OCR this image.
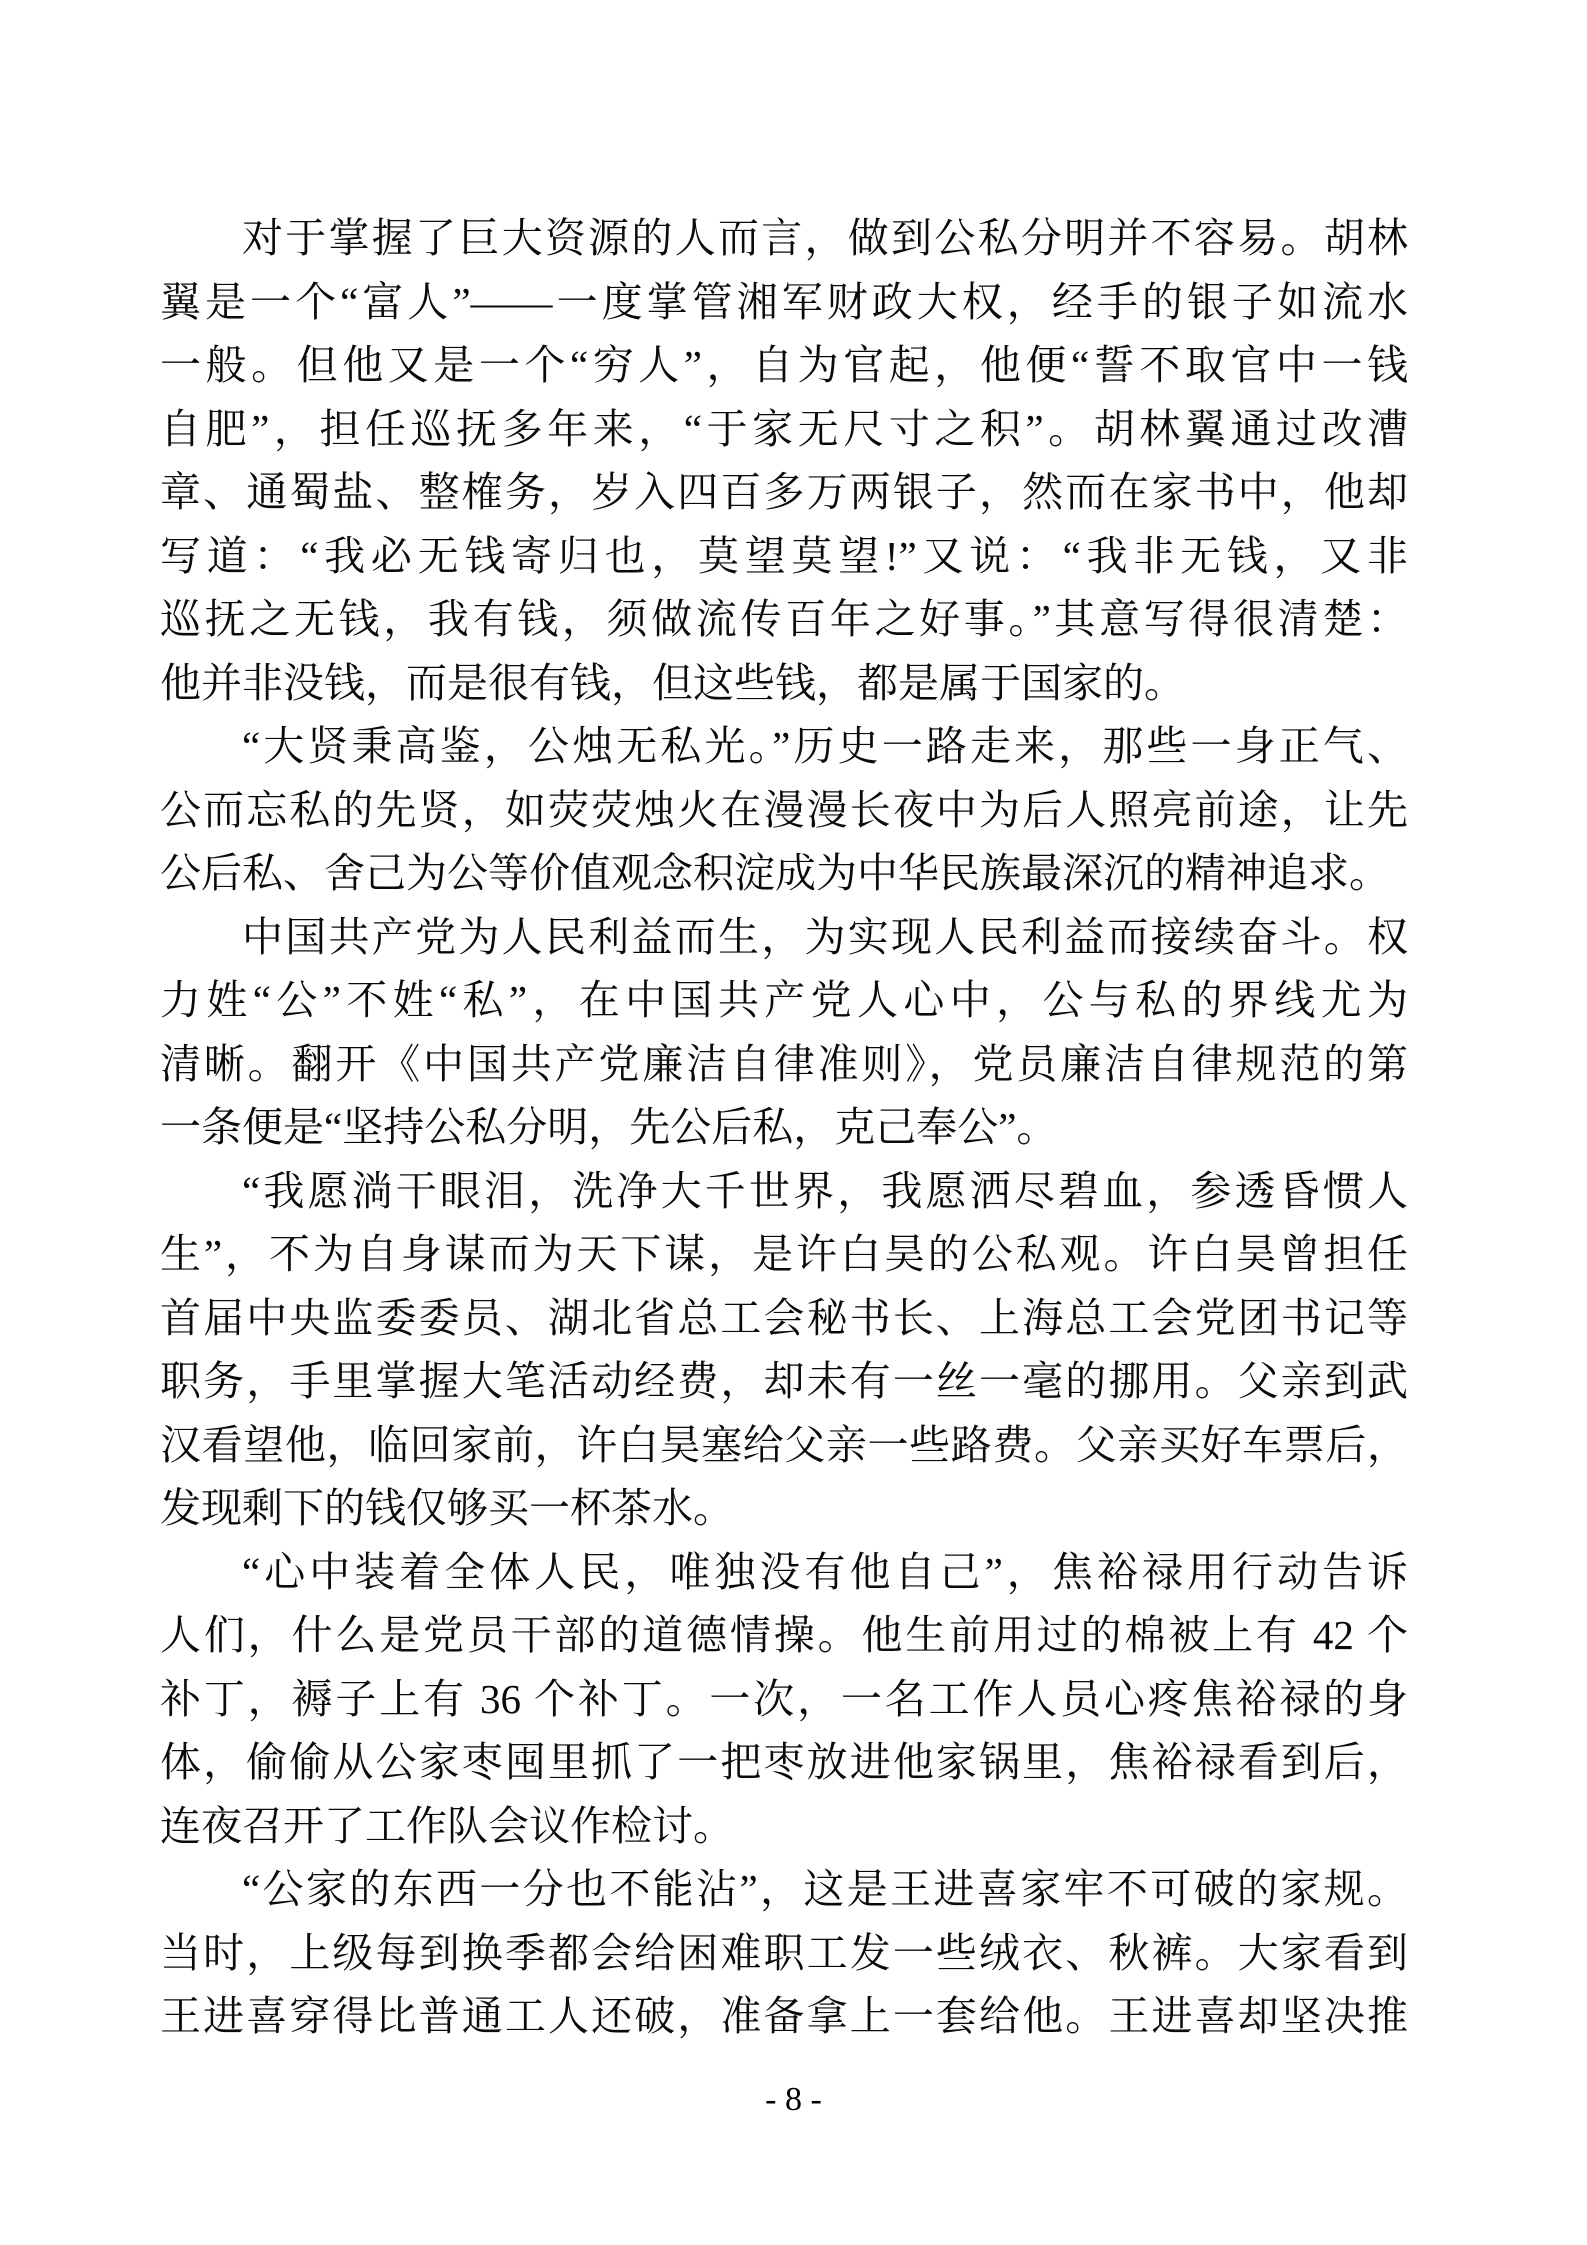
对于掌握了巨大资源的人而言，做到公私分明并不容易。胡林
翼是一个“富人”——一度掌管湘军财政大权，经手的银子如流水
一般。但他又是一个“穷人”，自为官起，他便“誓不取官中一钱
自肥”，担任巡抚多年来，“于家无尺寸之积”。胡林翼通过改漕
章、通蜀盐、整榷务，岁入四百多万两银子，然而在家书中，他却
写道：“我必无钱寄归也，莫望莫望!”又说：“我非无钱，又非
巡抚之无钱，我有钱，须做流传百年之好事。”其意写得很清楚：
他并非没钱，而是很有钱，但这些钱，都是属于国家的。
“大贤秉高鉴，公烛无私光。”历史一路走来，那些一身正气、
公而忘私的先贤，如荧荧烛火在漫漫长夜中为后人照亮前途，让先
公后私、舍己为公等价值观念积淀成为中华民族最深沉的精神追求。
中国共产党为人民利益而生，为实现人民利益而接续奋斗。权
力姓“公”不姓“私”，在中国共产党人心中，公与私的界线尤为
清晰。翻开《中国共产党廉洁自律准则》，党员廉洁自律规范的第
一条便是“坚持公私分明，先公后私，克己奉公”。
“我愿淌干眼泪，洗净大千世界，我愿洒尽碧血，参透昏惯人
生”，不为自身谋而为天下谋，是许白昊的公私观。许白昊曾担任
首届中央监委委员、湖北省总工会秘书长、上海总工会党团书记等
职务，手里掌握大笔活动经费，却未有一丝一毫的挪用。父亲到武
汉看望他，临回家前，许白昊塞给父亲一些路费。父亲买好车票后，
发现剩下的钱仅够买一杯茶水。
“心中装着全体人民，唯独没有他自己”，焦裕禄用行动告诉
人们，什么是党员干部的道德情操。他生前用过的棉被上有 42 个
补丁，褥子上有 36 个补丁。一次，一名工作人员心疼焦裕禄的身
体，偷偷从公家枣囤里抓了一把枣放进他家锅里，焦裕禄看到后，
连夜召开了工作队会议作检讨。
“公家的东西一分也不能沾”，这是王进喜家牢不可破的家规。
当时，上级每到换季都会给困难职工发一些绒衣、秋裤。大家看到
王进喜穿得比普通工人还破，准备拿上一套给他。王进喜却坚决推
- 8 -
